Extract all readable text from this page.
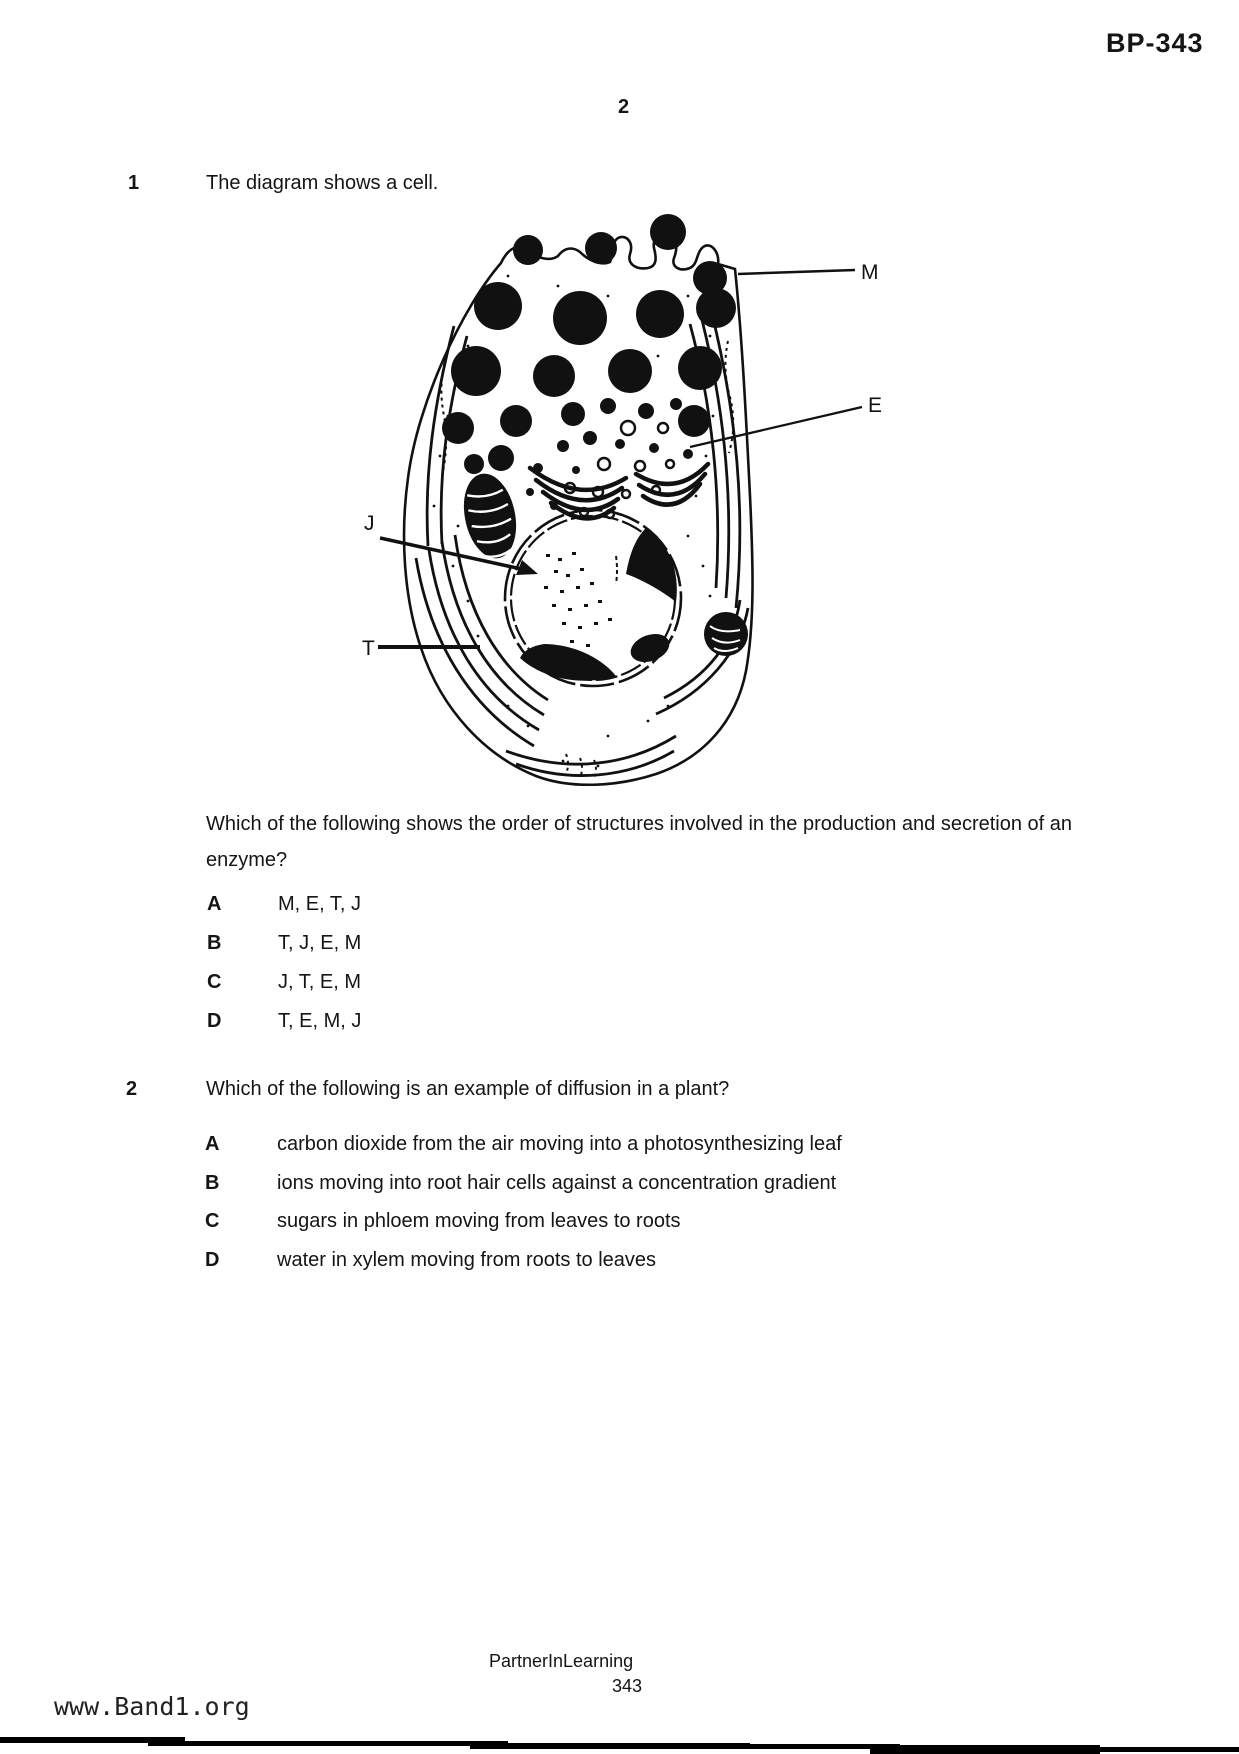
BP-343
2
1	The diagram shows a cell.
M
E
J
T
Which of the following shows the order of structures involved in the production and secretion of an enzyme?
A	M, E, T, J
B	T, J, E, M
C	J, T, E, M
D	T, E, M, J
2	Which of the following is an example of diffusion in a plant?
A	carbon dioxide from the air moving into a photosynthesizing leaf
B	ions moving into root hair cells against a concentration gradient
C	sugars in phloem moving from leaves to roots
D	water in xylem moving from roots to leaves
PartnerInLearning
343
www.Band1.org
